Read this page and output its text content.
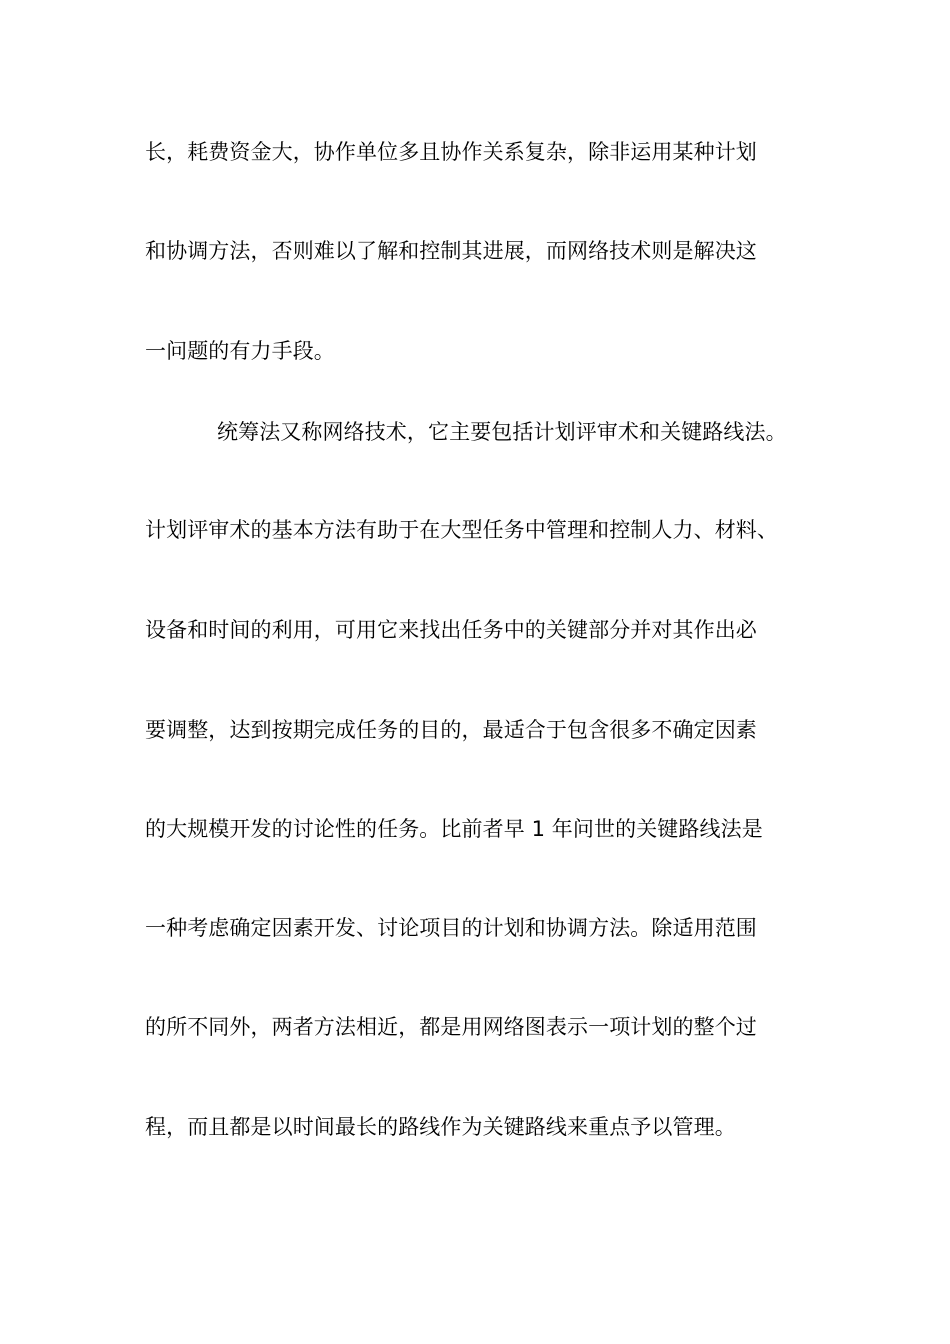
长，耗费资金大，协作单位多且协作关系复杂，除非运用某种计划

和协调方法，否则难以了解和控制其进展，而网络技术则是解决这

一问题的有力手段。

统筹法又称网络技术，它主要包括计划评审术和关键路线法。

计划评审术的基本方法有助于在大型任务中管理和控制人力、材料、

设备和时间的利用，可用它来找出任务中的关键部分并对其作出必

要调整，达到按期完成任务的目的，最适合于包含很多不确定因素

的大规模开发的讨论性的任务。比前者早 1 年问世的关键路线法是

一种考虑确定因素开发、讨论项目的计划和协调方法。除适用范围

的所不同外，两者方法相近，都是用网络图表示一项计划的整个过

程，而且都是以时间最长的路线作为关键路线来重点予以管理。
